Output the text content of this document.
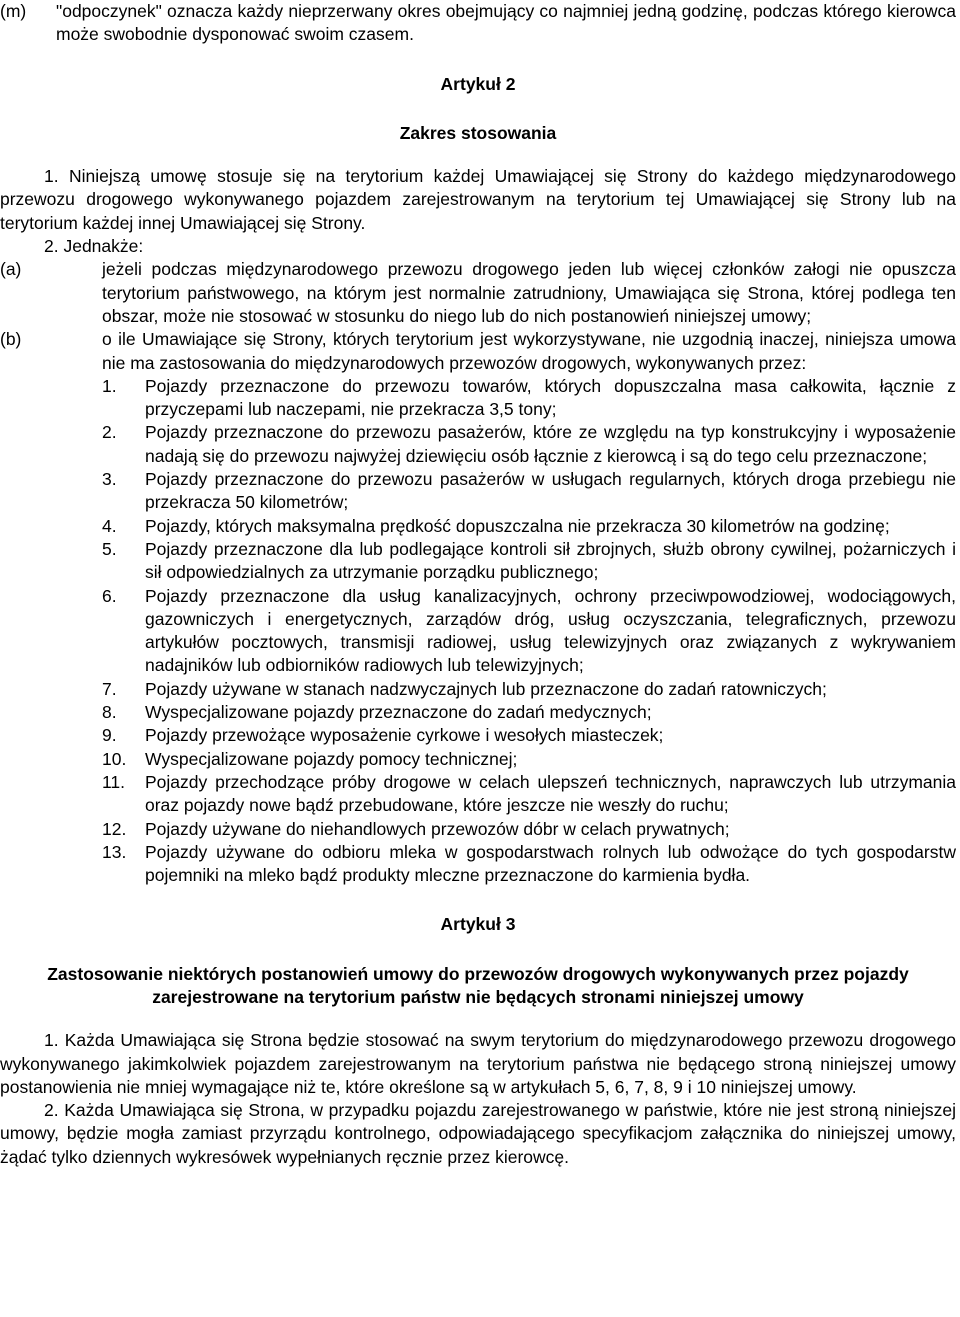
(m) "odpoczynek" oznacza każdy nieprzerwany okres obejmujący co najmniej jedną godzinę, podczas którego kierowca może swobodnie dysponować swoim czasem.
Artykuł 2
Zakres stosowania
1. Niniejszą umowę stosuje się na terytorium każdej Umawiającej się Strony do każdego międzynarodowego przewozu drogowego wykonywanego pojazdem zarejestrowanym na terytorium tej Umawiającej się Strony lub na terytorium każdej innej Umawiającej się Strony.
2. Jednakże:
(a)	jeżeli podczas międzynarodowego przewozu drogowego jeden lub więcej członków załogi nie opuszcza terytorium państwowego, na którym jest normalnie zatrudniony, Umawiająca się Strona, której podlega ten obszar, może nie stosować w stosunku do niego lub do nich postanowień niniejszej umowy;
(b)	o ile Umawiające się Strony, których terytorium jest wykorzystywane, nie uzgodnią inaczej, niniejsza umowa nie ma zastosowania do międzynarodowych przewozów drogowych, wykonywanych przez:
1. Pojazdy przeznaczone do przewozu towarów, których dopuszczalna masa całkowita, łącznie z przyczepami lub naczepami, nie przekracza 3,5 tony;
2. Pojazdy przeznaczone do przewozu pasażerów, które ze względu na typ konstrukcyjny i wyposażenie nadają się do przewozu najwyżej dziewięciu osób łącznie z kierowcą i są do tego celu przeznaczone;
3. Pojazdy przeznaczone do przewozu pasażerów w usługach regularnych, których droga przebiegu nie przekracza 50 kilometrów;
4. Pojazdy, których maksymalna prędkość dopuszczalna nie przekracza 30 kilometrów na godzinę;
5. Pojazdy przeznaczone dla lub podlegające kontroli sił zbrojnych, służb obrony cywilnej, pożarniczych i sił odpowiedzialnych za utrzymanie porządku publicznego;
6. Pojazdy przeznaczone dla usług kanalizacyjnych, ochrony przeciwpowodziowej, wodociągowych, gazowniczych i energetycznych, zarządów dróg, usług oczyszczania, telegraficznych, przewozu artykułów pocztowych, transmisji radiowej, usług telewizyjnych oraz związanych z wykrywaniem nadajników lub odbiorników radiowych lub telewizyjnych;
7. Pojazdy używane w stanach nadzwyczajnych lub przeznaczone do zadań ratowniczych;
8. Wyspecjalizowane pojazdy przeznaczone do zadań medycznych;
9. Pojazdy przewożące wyposażenie cyrkowe i wesołych miasteczek;
10. Wyspecjalizowane pojazdy pomocy technicznej;
11. Pojazdy przechodzące próby drogowe w celach ulepszeń technicznych, naprawczych lub utrzymania oraz pojazdy nowe bądź przebudowane, które jeszcze nie weszły do ruchu;
12. Pojazdy używane do niehandlowych przewozów dóbr w celach prywatnych;
13. Pojazdy używane do odbioru mleka w gospodarstwach rolnych lub odwożące do tych gospodarstw pojemniki na mleko bądź produkty mleczne przeznaczone do karmienia bydła.
Artykuł 3
Zastosowanie niektórych postanowień umowy do przewozów drogowych wykonywanych przez pojazdy zarejestrowane na terytorium państw nie będących stronami niniejszej umowy
1. Każda Umawiająca się Strona będzie stosować na swym terytorium do międzynarodowego przewozu drogowego wykonywanego jakimkolwiek pojazdem zarejestrowanym na terytorium państwa nie będącego stroną niniejszej umowy postanowienia nie mniej wymagające niż te, które określone są w artykułach 5, 6, 7, 8, 9 i 10 niniejszej umowy.
2. Każda Umawiająca się Strona, w przypadku pojazdu zarejestrowanego w państwie, które nie jest stroną niniejszej umowy, będzie mogła zamiast przyrządu kontrolnego, odpowiadającego specyfikacjom załącznika do niniejszej umowy, żądać tylko dziennych wykresówek wypełnianych ręcznie przez kierowcę.
